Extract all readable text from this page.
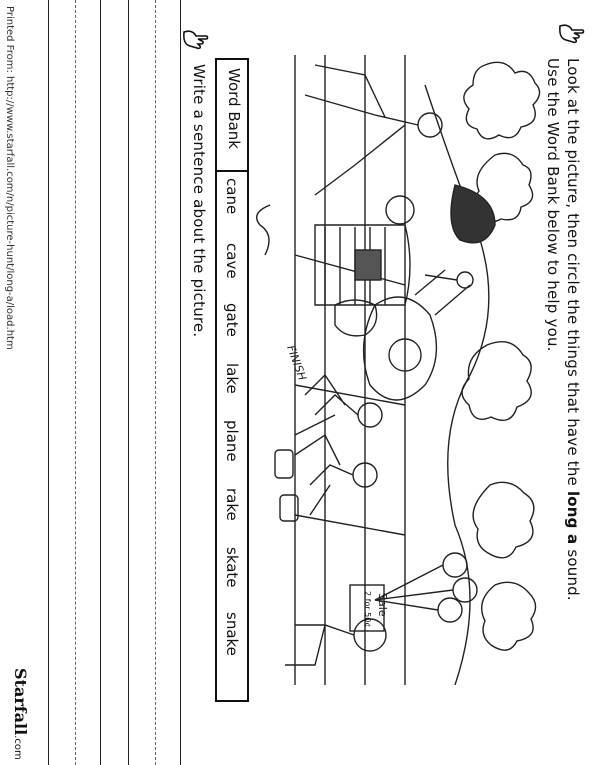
Look at the picture, then circle the things that have the long a sound.
Use the Word Bank below to help you.
FINISH
Sale
2 for 50¢
Word Bank
cane
cave
gate
lake
plane
rake
skate
snake
Write a sentence about the picture.
Printed From: http://www.starfall.com/n/picture-hunt/long-a/load.htm
Starfall.com
